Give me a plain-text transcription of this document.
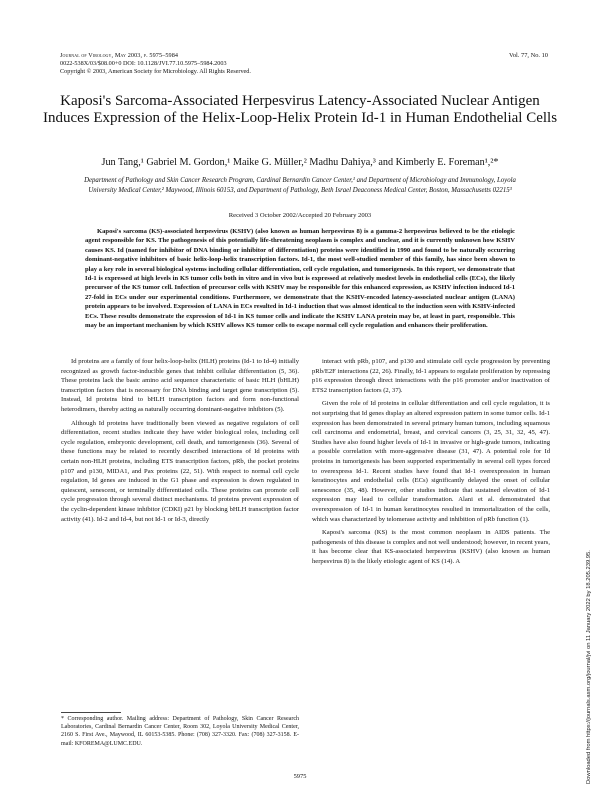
Journal of Virology, May 2003, p. 5975–5984
0022-538X/03/$08.00+0 DOI: 10.1128/JVI.77.10.5975–5984.2003
Copyright © 2003, American Society for Microbiology. All Rights Reserved.
Vol. 77, No. 10
Kaposi's Sarcoma-Associated Herpesvirus Latency-Associated Nuclear Antigen Induces Expression of the Helix-Loop-Helix Protein Id-1 in Human Endothelial Cells
Jun Tang,¹ Gabriel M. Gordon,¹ Maike G. Müller,² Madhu Dahiya,³ and Kimberly E. Foreman¹,²*
Department of Pathology and Skin Cancer Research Program, Cardinal Bernardin Cancer Center,¹ and Department of Microbiology and Immunology, Loyola University Medical Center,² Maywood, Illinois 60153, and Department of Pathology, Beth Israel Deaconess Medical Center, Boston, Massachusetts 02215³
Received 3 October 2002/Accepted 20 February 2003
Kaposi's sarcoma (KS)-associated herpesvirus (KSHV) (also known as human herpesvirus 8) is a gamma-2 herpesvirus believed to be the etiologic agent responsible for KS. The pathogenesis of this potentially life-threatening neoplasm is complex and unclear, and it is currently unknown how KSHV causes KS. Id (named for inhibitor of DNA binding or inhibitor of differentiation) proteins were identified in 1990 and found to be naturally occurring dominant-negative inhibitors of basic helix-loop-helix transcription factors. Id-1, the most well-studied member of this family, has since been shown to play a key role in several biological systems including cellular differentiation, cell cycle regulation, and tumorigenesis. In this report, we demonstrate that Id-1 is expressed at high levels in KS tumor cells both in vitro and in vivo but is expressed at relatively modest levels in endothelial cells (ECs), the likely precursor of the KS tumor cell. Infection of precursor cells with KSHV may be responsible for this enhanced expression, as KSHV infection induced Id-1 27-fold in ECs under our experimental conditions. Furthermore, we demonstrate that the KSHV-encoded latency-associated nuclear antigen (LANA) protein appears to be involved. Expression of LANA in ECs resulted in Id-1 induction that was almost identical to the induction seen with KSHV-infected ECs. These results demonstrate the expression of Id-1 in KS tumor cells and indicate the KSHV LANA protein may be, at least in part, responsible. This may be an important mechanism by which KSHV allows KS tumor cells to escape normal cell cycle regulation and enhances their proliferation.

Id proteins are a family of four helix-loop-helix (HLH) proteins (Id-1 to Id-4) initially recognized as growth factor-inducible genes that inhibit cellular differentiation (5, 36). These proteins lack the basic amino acid sequence characteristic of basic HLH (bHLH) transcription factors that is necessary for DNA binding and target gene transcription (5). Instead, Id proteins bind to bHLH transcription factors and form non-functional heterodimers, thereby acting as naturally occurring dominant-negative inhibitors (5).

Although Id proteins have traditionally been viewed as negative regulators of cell differentiation, recent studies indicate they have wider biological roles, including cell cycle regulation, embryonic development, cell death, and tumorigenesis (36). Several of these functions may be related to recently described interactions of Id proteins with certain non-HLH proteins, including ETS transcription factors, pRb, the pocket proteins p107 and p130, MIDA1, and Pax proteins (22, 51). With respect to normal cell cycle regulation, Id genes are induced in the G1 phase and expression is down regulated in quiescent, senescent, or terminally differentiated cells. These proteins can promote cell cycle progression through several distinct mechanisms. Id proteins prevent expression of the cyclin-dependent kinase inhibitor (CDKI) p21 by blocking bHLH transcription factor activity (41). Id-2 and Id-4, but not Id-1 or Id-3, directly

interact with pRb, p107, and p130 and stimulate cell cycle progression by preventing pRb/E2F interactions (22, 26). Finally, Id-1 appears to regulate proliferation by repressing p16 expression through direct interactions with the p16 promoter and/or inactivation of ETS2 transcription factors (2, 37).

Given the role of Id proteins in cellular differentiation and cell cycle regulation, it is not surprising that Id genes display an altered expression pattern in some tumor cells. Id-1 expression has been demonstrated in several primary human tumors, including squamous cell carcinoma and endometrial, breast, and cervical cancers (3, 25, 31, 32, 45, 47). Studies have also found higher levels of Id-1 in invasive or high-grade tumors, indicating a possible correlation with more-aggressive disease (31, 47). A potential role for Id proteins in tumorigenesis has been supported experimentally in several cell types forced to overexpress Id-1. Recent studies have found that Id-1 overexpression in human keratinocytes and endothelial cells (ECs) significantly delayed the onset of cellular senescence (35, 48). However, other studies indicate that sustained elevation of Id-1 expression may lead to cellular transformation. Alani et al. demonstrated that overexpression of Id-1 in human keratinocytes resulted in immortalization of the cells, which was characterized by telomerase activity and inhibition of pRb function (1).

Kaposi's sarcoma (KS) is the most common neoplasm in AIDS patients. The pathogenesis of this disease is complex and not well understood; however, in recent years, it has become clear that KS-associated herpesvirus (KSHV) (also known as human herpesvirus 8) is the likely etiologic agent of KS (14). A

* Corresponding author. Mailing address: Department of Pathology, Skin Cancer Research Laboratories, Cardinal Bernardin Cancer Center, Room 302, Loyola University Medical Center, 2160 S. First Ave., Maywood, IL 60153-5385. Phone: (708) 327-3320. Fax: (708) 327-3158. E-mail: KFOREMA@LUMC.EDU.
5975	Downloaded from https://journals.asm.org/journal/jvi on 11 January 2022 by 18.205.239.95.
